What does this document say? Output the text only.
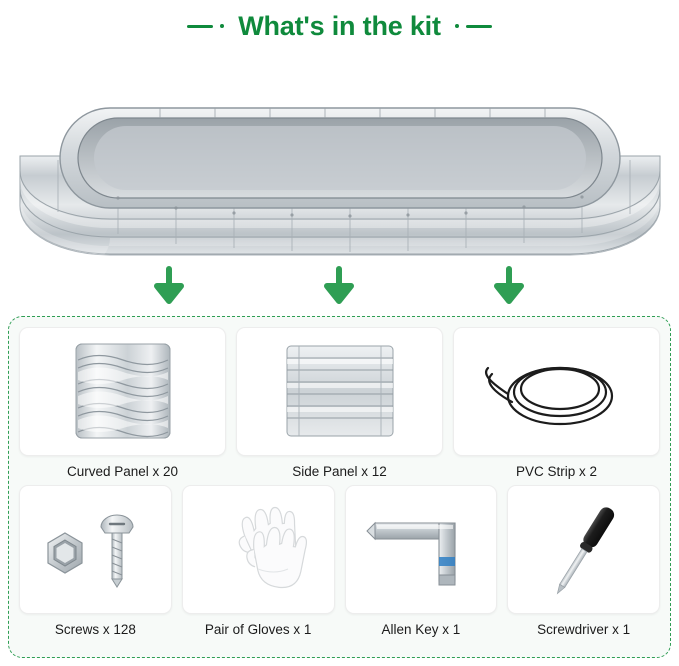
What's in the kit
Curved Panel x 20	Side Panel x 12	PVC Strip x 2
Screws x 128	Pair of Gloves x 1	Allen Key x 1	Screwdriver x 1
